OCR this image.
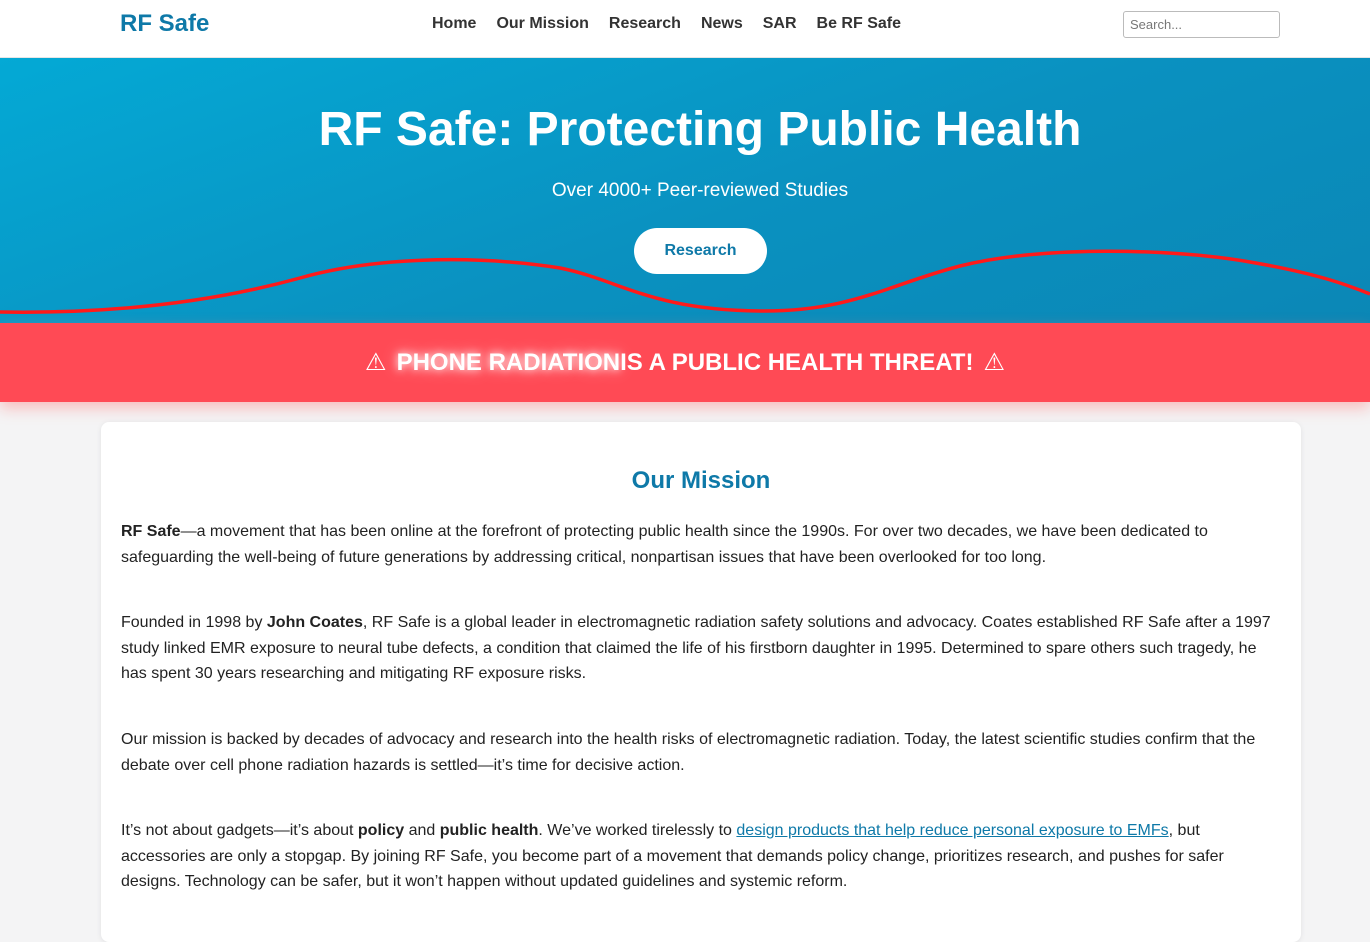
RF Safe	Home Our Mission Research News SAR Be RF Safe
Search...
RF Safe: Protecting Public Health

Over 4000+ Peer-reviewed Studies

Research
⚠ PHONE RADIATION IS A PUBLIC HEALTH THREAT! ⚠
Our Mission

RF Safe—a movement that has been online at the forefront of protecting public health since the 1990s. For over two decades, we have been dedicated to safeguarding the well-being of future generations by addressing critical, nonpartisan issues that have been overlooked for too long.

Founded in 1998 by John Coates, RF Safe is a global leader in electromagnetic radiation safety solutions and advocacy. Coates established RF Safe after a 1997 study linked EMR exposure to neural tube defects, a condition that claimed the life of his firstborn daughter in 1995. Determined to spare others such tragedy, he has spent 30 years researching and mitigating RF exposure risks.

Our mission is backed by decades of advocacy and research into the health risks of electromagnetic radiation. Today, the latest scientific studies confirm that the debate over cell phone radiation hazards is settled—it’s time for decisive action.

It’s not about gadgets—it’s about policy and public health. We’ve worked tirelessly to design products that help reduce personal exposure to EMFs, but accessories are only a stopgap. By joining RF Safe, you become part of a movement that demands policy change, prioritizes research, and pushes for safer designs. Technology can be safer, but it won’t happen without updated guidelines and systemic reform.
